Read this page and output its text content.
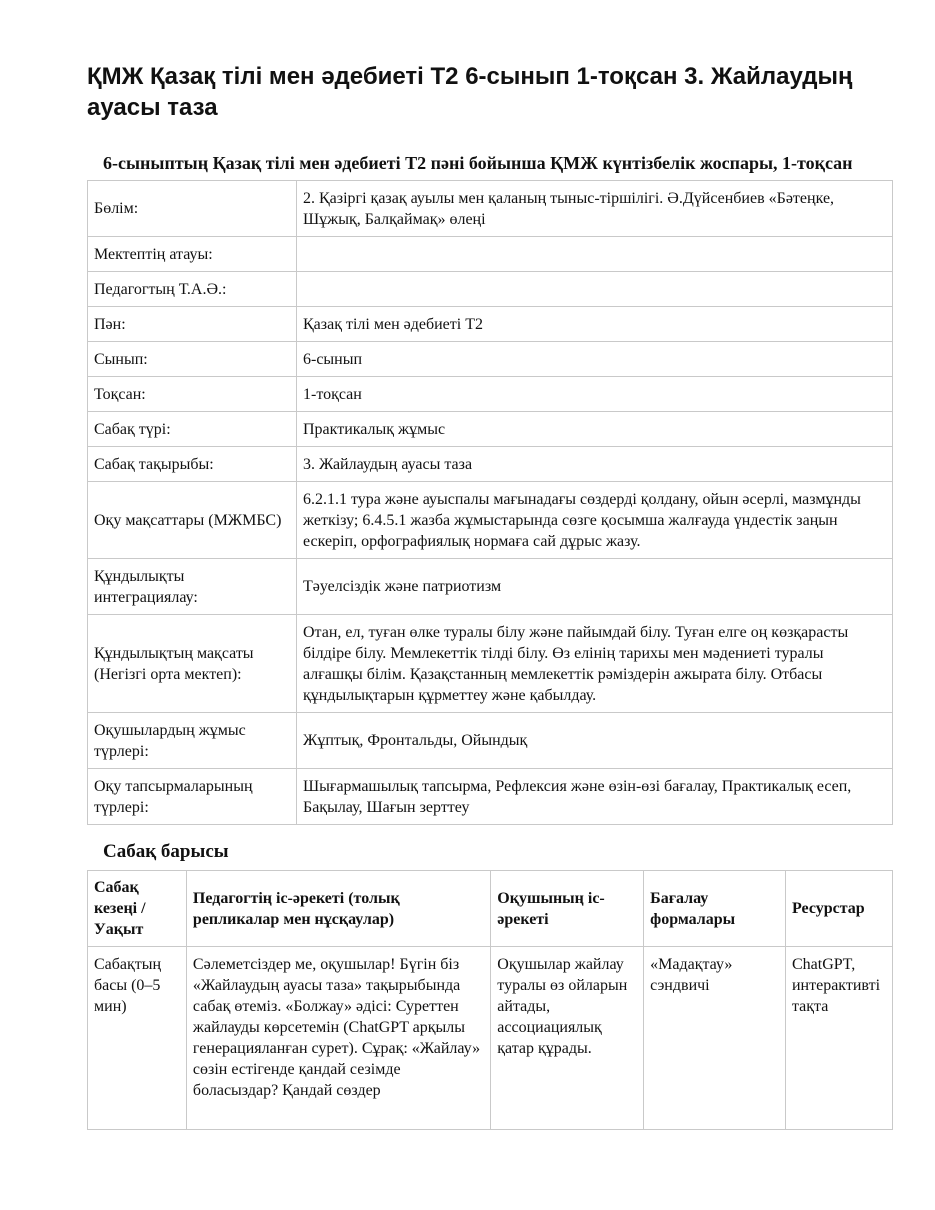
ҚМЖ Қазақ тілі мен әдебиеті Т2 6-сынып 1-тоқсан 3. Жайлаудың ауасы таза
6-сыныптың Қазақ тілі мен әдебиеті Т2 пәні бойынша ҚМЖ күнтізбелік жоспары, 1-тоқсан
Бөлім:	2. Қазіргі қазақ ауылы мен қаланың тыныс-тіршілігі. Ә.Дүйсенбиев «Бәтеңке, Шұжық, Балқаймақ» өлеңі
Мектептің атауы:	
Педагогтың Т.А.Ә.:	
Пән:	Қазақ тілі мен әдебиеті Т2
Сынып:	6-сынып
Тоқсан:	1-тоқсан
Сабақ түрі:	Практикалық жұмыс
Сабақ тақырыбы:	3. Жайлаудың ауасы таза
Оқу мақсаттары (МЖМБС)	6.2.1.1 тура және ауыспалы мағынадағы сөздерді қолдану, ойын әсерлі, мазмұнды жеткізу; 6.4.5.1 жазба жұмыстарында сөзге қосымша жалғауда үндестік заңын ескеріп, орфографиялық нормаға сай дұрыс жазу.
Құндылықты интеграциялау:	Тәуелсіздік және патриотизм
Құндылықтың мақсаты (Негізгі орта мектеп):	Отан, ел, туған өлке туралы білу және пайымдай білу. Туған елге оң көзқарасты білдіре білу. Мемлекеттік тілді білу. Өз елінің тарихы мен мәдениеті туралы алғашқы білім. Қазақстанның мемлекеттік рәміздерін ажырата білу. Отбасы құндылықтарын құрметтеу және қабылдау.
Оқушылардың жұмыс түрлері:	Жұптық, Фронтальды, Ойындық
Оқу тапсырмаларының түрлері:	Шығармашылық тапсырма, Рефлексия және өзін-өзі бағалау, Практикалық есеп, Бақылау, Шағын зерттеу
Сабақ барысы
Сабақ кезеңі / Уақыт	Педагогтің іс-әрекеті (толық репликалар мен нұсқаулар)	Оқушының іс-әрекеті	Бағалау формалары	Ресурстар
Сабақтың басы (0–5 мин)	Сәлеметсіздер ме, оқушылар! Бүгін біз «Жайлаудың ауасы таза» тақырыбында сабақ өтеміз. «Болжау» әдісі: Суреттен жайлауды көрсетемін (ChatGPT арқылы генерацияланған сурет). Сұрақ: «Жайлау» сөзін естігенде қандай сезімде боласыздар? Қандай сөздер	Оқушылар жайлау туралы өз ойларын айтады, ассоциациялық қатар құрады.	«Мадақтау» сэндвичі	ChatGPT, интерактивті тақта
